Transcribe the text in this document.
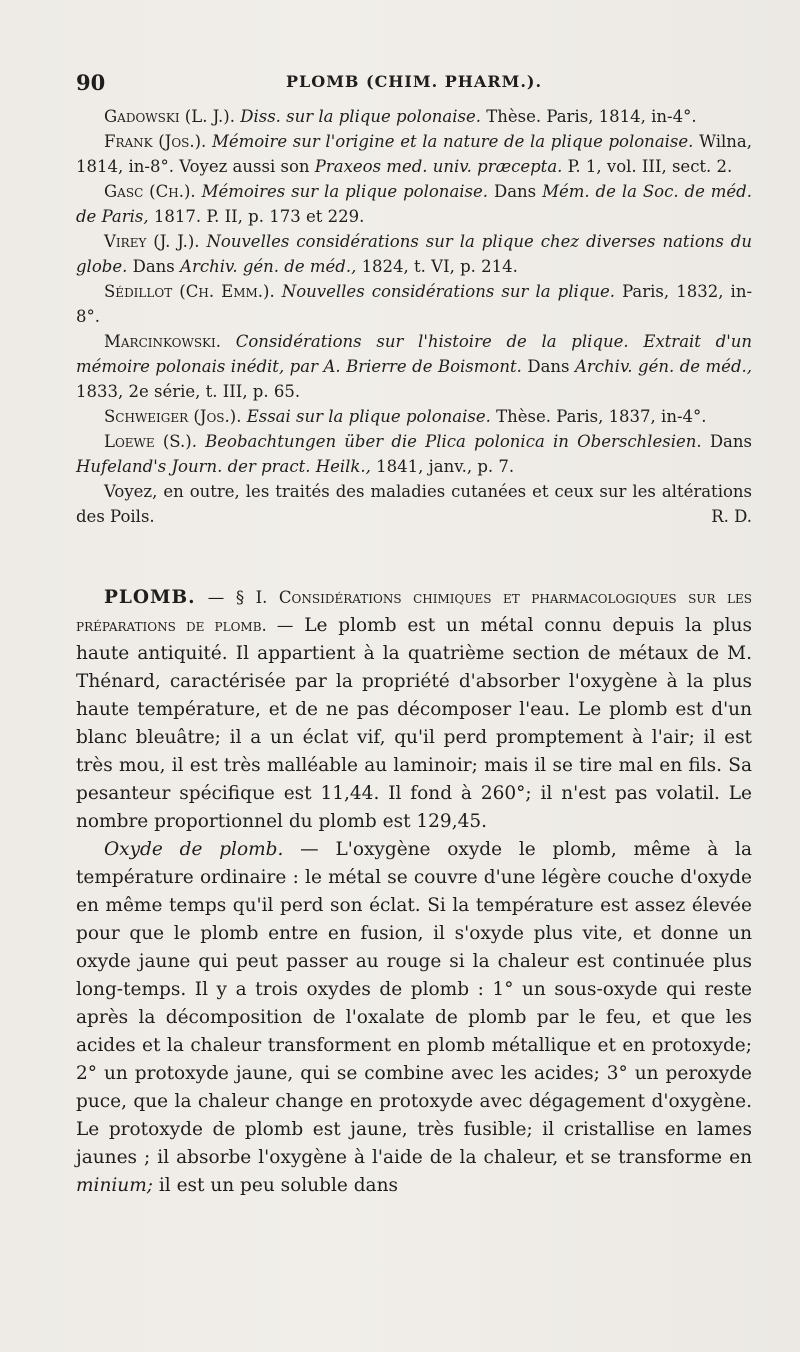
90	PLOMB (CHIM. PHARM.).

Gadowski (L. J.). Diss. sur la plique polonaise. Thèse. Paris, 1814, in-4°.

Frank (Jos.). Mémoire sur l'origine et la nature de la plique polonaise. Wilna, 1814, in-8°. Voyez aussi son Praxeos med. univ. præcepta. P. 1, vol. III, sect. 2.

Gasc (Ch.). Mémoires sur la plique polonaise. Dans Mém. de la Soc. de méd. de Paris, 1817. P. II, p. 173 et 229.

Virey (J. J.). Nouvelles considérations sur la plique chez diverses nations du globe. Dans Archiv. gén. de méd., 1824, t. VI, p. 214.

Sédillot (Ch. Emm.). Nouvelles considérations sur la plique. Paris, 1832, in-8°.

Marcinkowski. Considérations sur l'histoire de la plique. Extrait d'un mémoire polonais inédit, par A. Brierre de Boismont. Dans Archiv. gén. de méd., 1833, 2e série, t. III, p. 65.

Schweiger (Jos.). Essai sur la plique polonaise. Thèse. Paris, 1837, in-4°.

Loewe (S.). Beobachtungen über die Plica polonica in Oberschlesien. Dans Hufeland's Journ. der pract. Heilk., 1841, janv., p. 7.

Voyez, en outre, les traités des maladies cutanées et ceux sur les altérations des Poils.	R. D.

PLOMB. — § I. Considérations chimiques et pharmacologiques sur les préparations de plomb. — Le plomb est un métal connu depuis la plus haute antiquité. Il appartient à la quatrième section de métaux de M. Thénard, caractérisée par la propriété d'absorber l'oxygène à la plus haute température, et de ne pas décomposer l'eau. Le plomb est d'un blanc bleuâtre; il a un éclat vif, qu'il perd promptement à l'air; il est très mou, il est très malléable au laminoir; mais il se tire mal en fils. Sa pesanteur spécifique est 11,44. Il fond à 260°; il n'est pas volatil. Le nombre proportionnel du plomb est 129,45.

Oxyde de plomb. — L'oxygène oxyde le plomb, même à la température ordinaire : le métal se couvre d'une légère couche d'oxyde en même temps qu'il perd son éclat. Si la température est assez élevée pour que le plomb entre en fusion, il s'oxyde plus vite, et donne un oxyde jaune qui peut passer au rouge si la chaleur est continuée plus long-temps. Il y a trois oxydes de plomb : 1° un sous-oxyde qui reste après la décomposition de l'oxalate de plomb par le feu, et que les acides et la chaleur transforment en plomb métallique et en protoxyde; 2° un protoxyde jaune, qui se combine avec les acides; 3° un peroxyde puce, que la chaleur change en protoxyde avec dégagement d'oxygène. Le protoxyde de plomb est jaune, très fusible; il cristallise en lames jaunes ; il absorbe l'oxygène à l'aide de la chaleur, et se transforme en minium; il est un peu soluble dans
